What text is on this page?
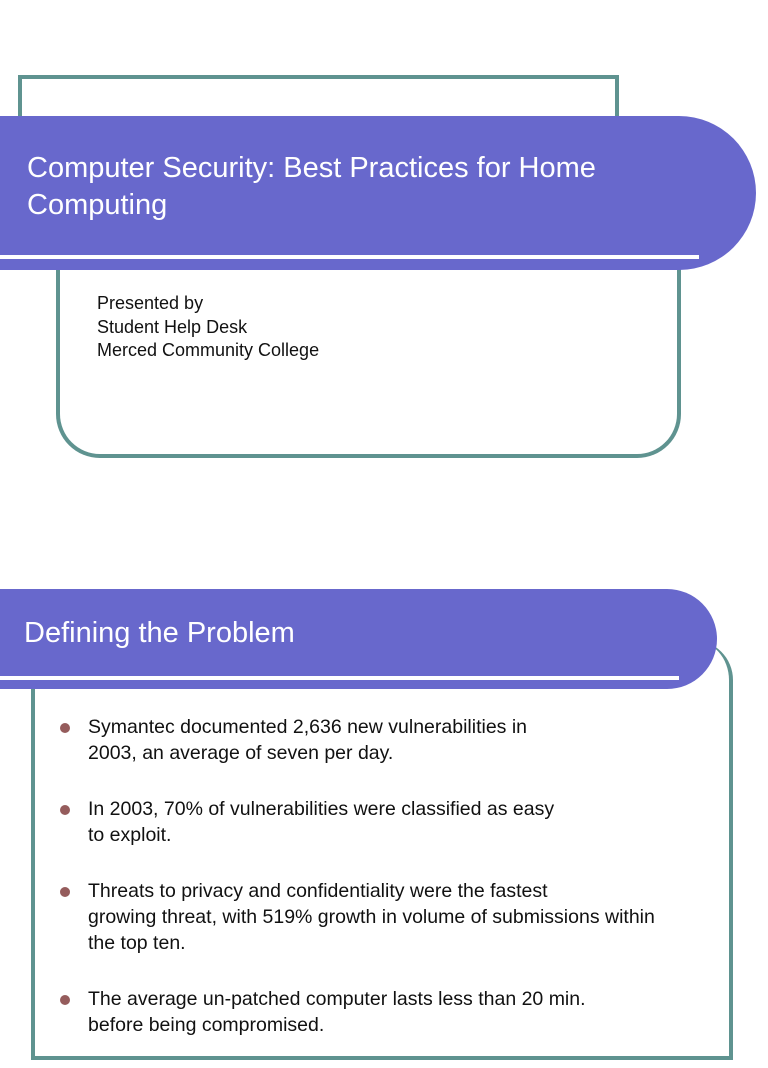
Computer Security: Best Practices for Home Computing
Presented by
Student Help Desk
Merced Community College
Defining the Problem
Symantec documented 2,636 new vulnerabilities in
2003, an average of seven per day.
In 2003, 70% of vulnerabilities were classified as easy
to exploit.
Threats to privacy and confidentiality were the fastest
growing threat, with 519% growth in volume of submissions within
the top ten.
The average un-patched computer lasts less than 20 min.
before being compromised.
